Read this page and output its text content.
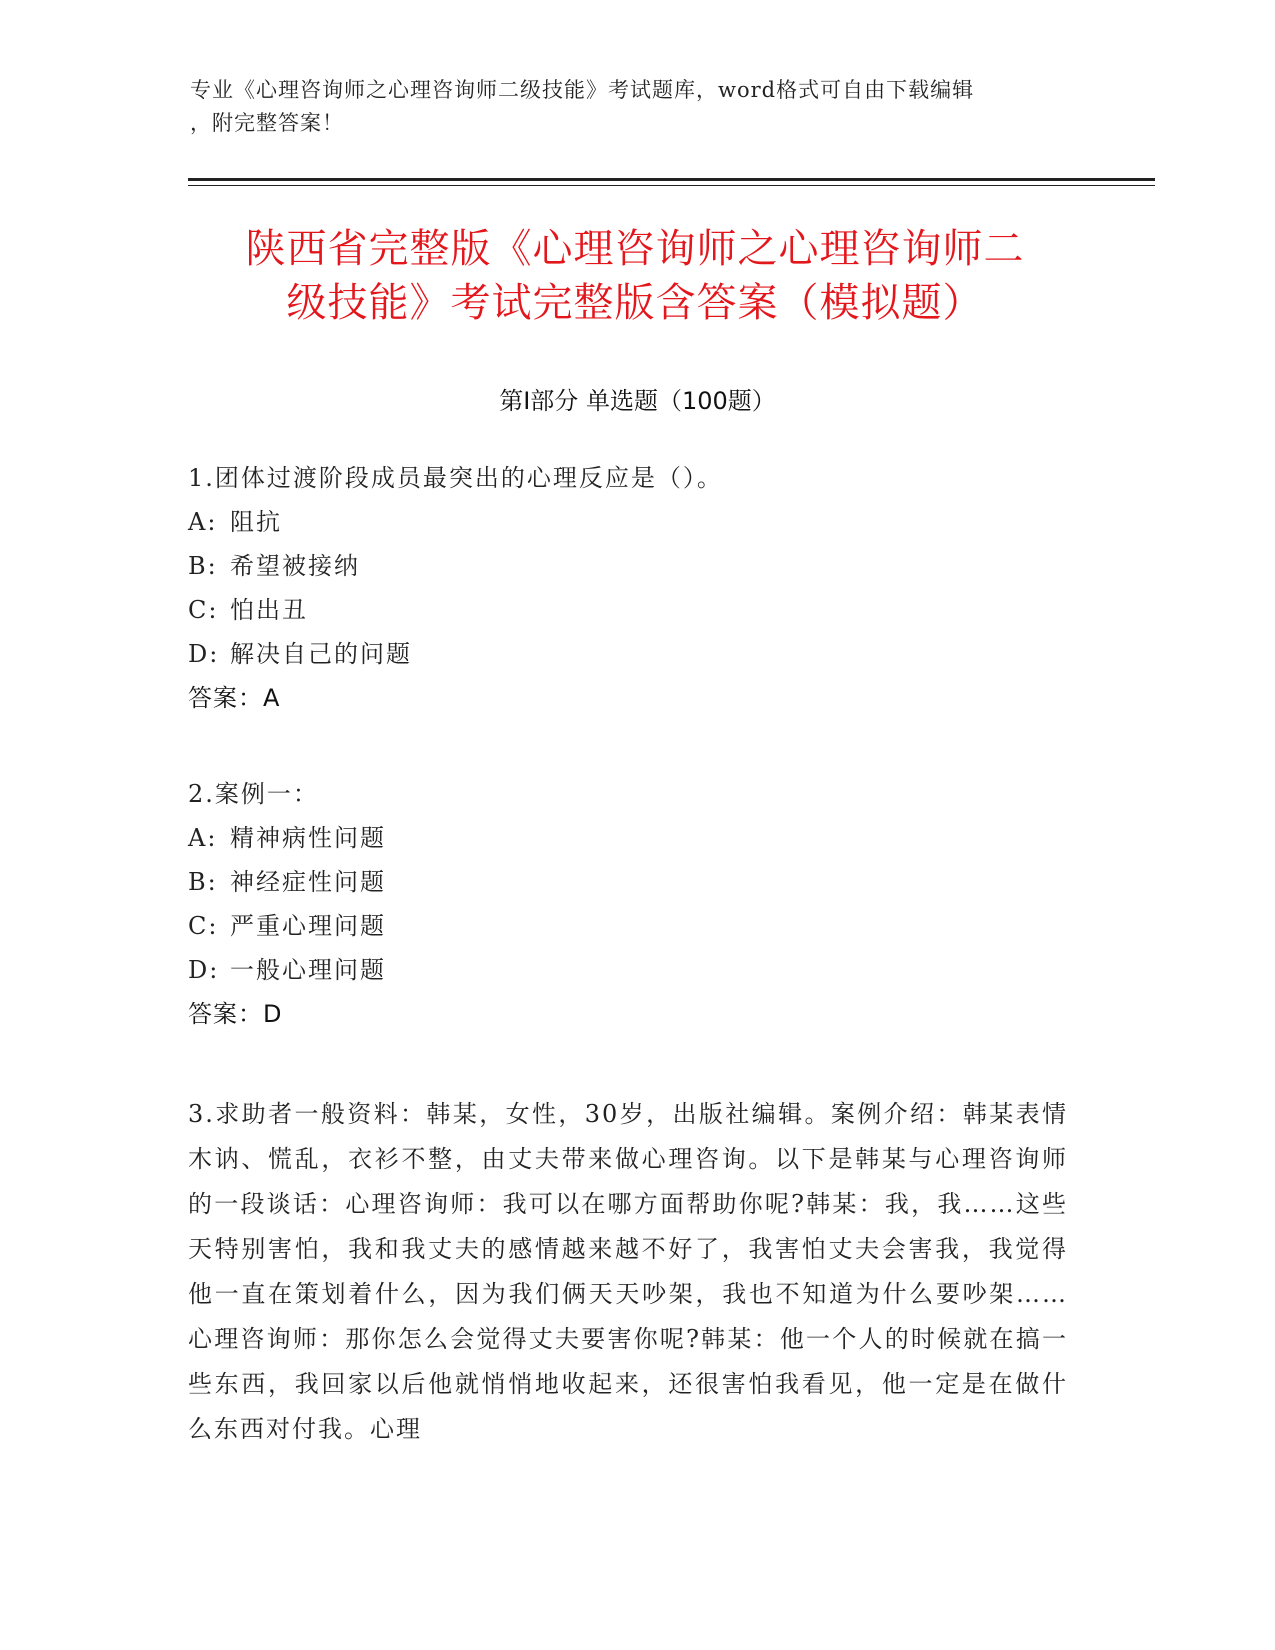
专业《心理咨询师之心理咨询师二级技能》考试题库，word格式可自由下载编辑
，附完整答案！
陕西省完整版《心理咨询师之心理咨询师二
级技能》考试完整版含答案（模拟题）
第Ⅰ部分 单选题（100题）
1.团体过渡阶段成员最突出的心理反应是（）。
A: 阻抗
B: 希望被接纳
C: 怕出丑
D: 解决自己的问题
答案：A
2.案例一：
A: 精神病性问题
B: 神经症性问题
C: 严重心理问题
D: 一般心理问题
答案：D
3.求助者一般资料：韩某，女性，30岁，出版社编辑。案例介绍：韩某表情木讷、慌乱，衣衫不整，由丈夫带来做心理咨询。以下是韩某与心理咨询师的一段谈话：心理咨询师：我可以在哪方面帮助你呢?韩某：我，我……这些天特别害怕，我和我丈夫的感情越来越不好了，我害怕丈夫会害我，我觉得他一直在策划着什么，因为我们俩天天吵架，我也不知道为什么要吵架……心理咨询师：那你怎么会觉得丈夫要害你呢?韩某：他一个人的时候就在搞一些东西，我回家以后他就悄悄地收起来，还很害怕我看见，他一定是在做什么东西对付我。心理
